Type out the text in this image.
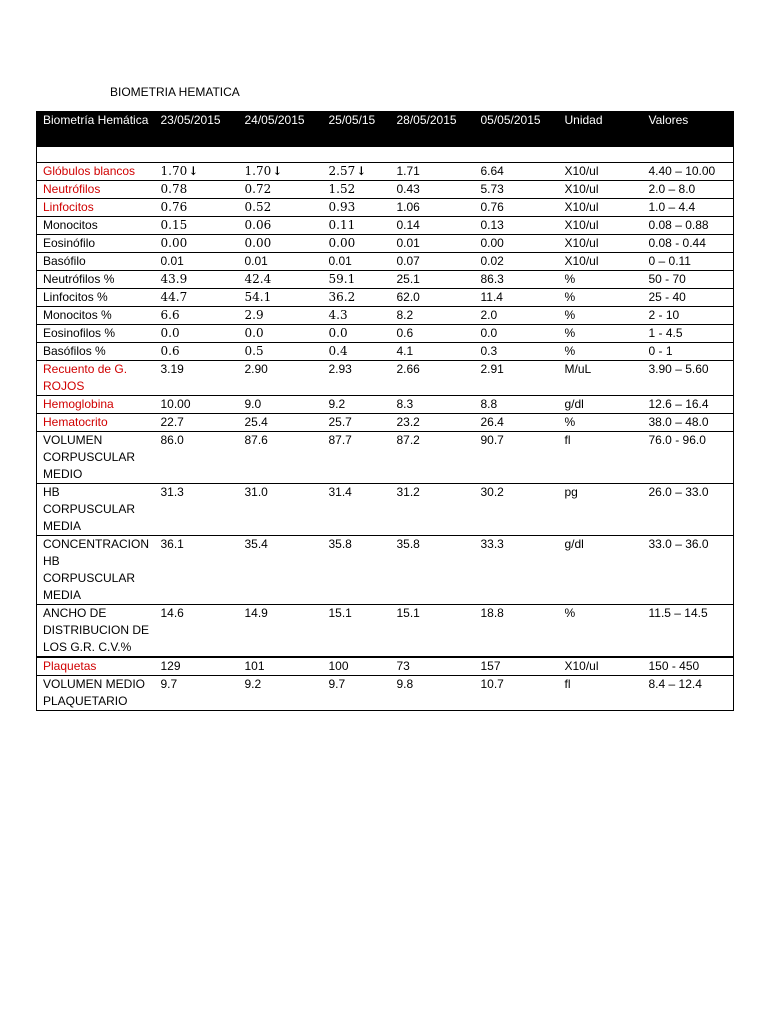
BIOMETRIA HEMATICA
Biometría Hemática	23/05/2015	24/05/2015	25/05/15	28/05/2015	05/05/2015	Unidad	Valores

Glóbulos blancos	1.70↓	1.70↓	2.57↓	1.71	6.64	X10/ul	4.40 – 10.00
Neutrófilos	0.78	0.72	1.52	0.43	5.73	X10/ul	2.0 – 8.0
Linfocitos	0.76	0.52	0.93	1.06	0.76	X10/ul	1.0 – 4.4
Monocitos	0.15	0.06	0.11	0.14	0.13	X10/ul	0.08 – 0.88
Eosinófilo	0.00	0.00	0.00	0.01	0.00	X10/ul	0.08 - 0.44
Basófilo	0.01	0.01	0.01	0.07	0.02	X10/ul	0 – 0.11
Neutrófilos %	43.9	42.4	59.1	25.1	86.3	%	50 - 70
Linfocitos %	44.7	54.1	36.2	62.0	11.4	%	25 - 40
Monocitos %	6.6	2.9	4.3	8.2	2.0	%	2 - 10
Eosinofilos %	0.0	0.0	0.0	0.6	0.0	%	1 - 4.5
Basófilos %	0.6	0.5	0.4	4.1	0.3	%	0 - 1
Recuento de G. ROJOS	3.19	2.90	2.93	2.66	2.91	M/uL	3.90 – 5.60
Hemoglobina	10.00	9.0	9.2	8.3	8.8	g/dl	12.6 – 16.4
Hematocrito	22.7	25.4	25.7	23.2	26.4	%	38.0 – 48.0
VOLUMEN CORPUSCULAR MEDIO	86.0	87.6	87.7	87.2	90.7	fl	76.0 - 96.0
HB CORPUSCULAR MEDIA	31.3	31.0	31.4	31.2	30.2	pg	26.0 – 33.0
CONCENTRACION HB CORPUSCULAR MEDIA	36.1	35.4	35.8	35.8	33.3	g/dl	33.0 – 36.0
ANCHO DE DISTRIBUCION DE LOS G.R. C.V.%	14.6	14.9	15.1	15.1	18.8	%	11.5 – 14.5
Plaquetas	129	101	100	73	157	X10/ul	150 - 450
VOLUMEN MEDIO PLAQUETARIO	9.7	9.2	9.7	9.8	10.7	fl	8.4 – 12.4
